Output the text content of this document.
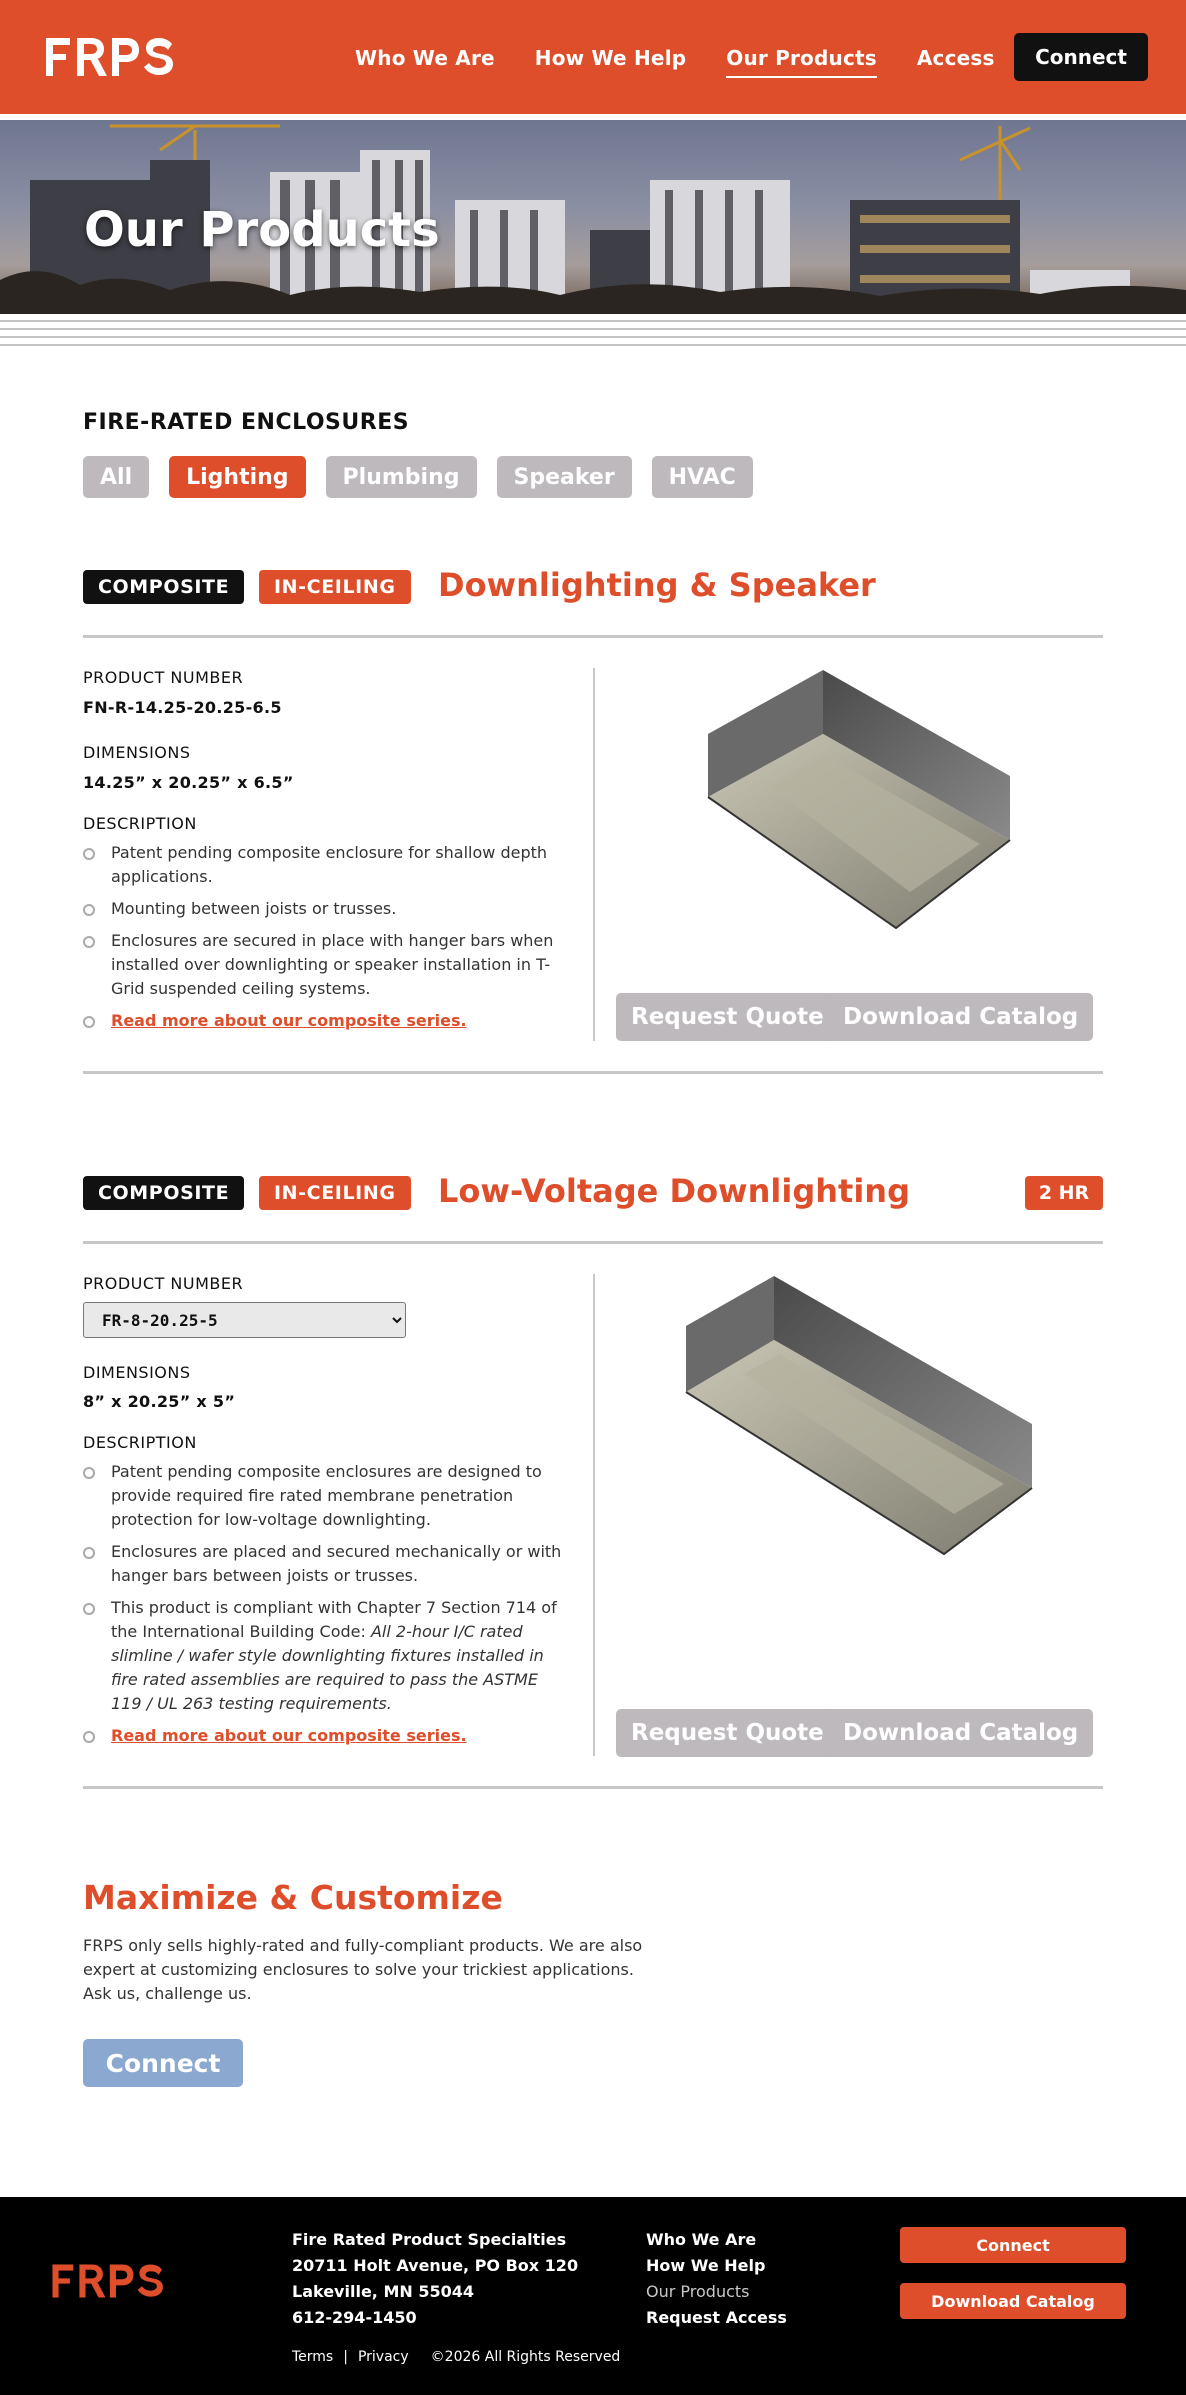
Who We Are How We Help Our Products Access	Connect
Our Products
FIRE-RATED ENCLOSURES
All	Lighting	Plumbing	Speaker	HVAC
COMPOSITE	IN-CEILING	Downlighting & Speaker
PRODUCT NUMBER
FN-R-14.25-20.25-6.5
DIMENSIONS
14.25” x 20.25” x 6.5”
DESCRIPTION
Patent pending composite enclosure for shallow depth applications.
Mounting between joists or trusses.
Enclosures are secured in place with hanger bars when installed over downlighting or speaker installation in T-Grid suspended ceiling systems.
Read more about our composite series.	Request Quote Download Catalog
COMPOSITE	IN-CEILING	Low-Voltage Downlighting	2 HR
PRODUCT NUMBER
FR-8-20.25-5
DIMENSIONS
8” x 20.25” x 5”
DESCRIPTION
Patent pending composite enclosures are designed to provide required fire rated membrane penetration protection for low-voltage downlighting.
Enclosures are placed and secured mechanically or with hanger bars between joists or trusses.
This product is compliant with Chapter 7 Section 714 of the International Building Code: All 2-hour I/C rated slimline / wafer style downlighting fixtures installed in fire rated assemblies are required to pass the ASTME 119 / UL 263 testing requirements.
Read more about our composite series.	Request Quote Download Catalog
Maximize & Customize
FRPS only sells highly-rated and fully-compliant products. We are also expert at customizing enclosures to solve your trickiest applications. Ask us, challenge us.
Connect
Fire Rated Product Specialties
20711 Holt Avenue, PO Box 120
Lakeville, MN 55044
612-294-1450
Who We Are
How We Help
Our Products
Request Access
Connect
Download Catalog
Terms | Privacy ©2026 All Rights Reserved
